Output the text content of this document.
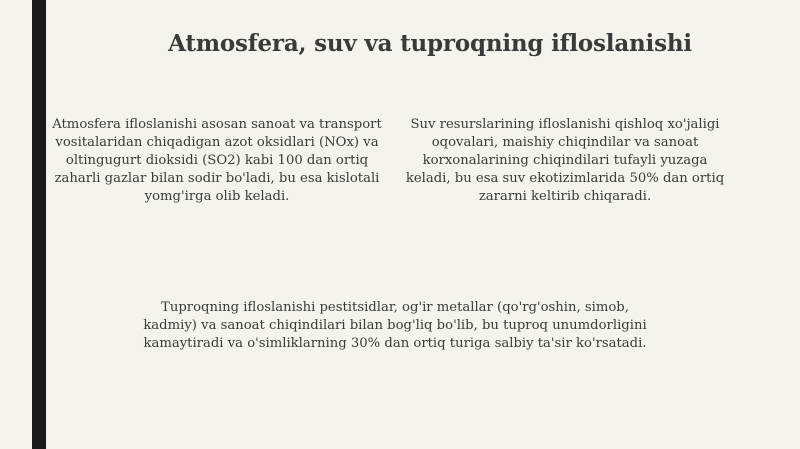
Atmosfera, suv va tuproqning ifloslanishi
Atmosfera ifloslanishi asosan sanoat va transport vositalaridan chiqadigan azot oksidlari (NOx) va oltingugurt dioksidi (SO2) kabi 100 dan ortiq zaharli gazlar bilan sodir bo'ladi, bu esa kislotali yomg'irga olib keladi.
Suv resurslarining ifloslanishi qishloq xo'jaligi oqovalari, maishiy chiqindilar va sanoat korxonalarining chiqindilari tufayli yuzaga keladi, bu esa suv ekotizimlarida 50% dan ortiq zararni keltirib chiqaradi.
Tuproqning ifloslanishi pestitsidlar, og'ir metallar (qo'rg'oshin, simob, kadmiy) va sanoat chiqindilari bilan bog'liq bo'lib, bu tuproq unumdorligini kamaytiradi va o'simliklarning 30% dan ortiq turiga salbiy ta'sir ko'rsatadi.
